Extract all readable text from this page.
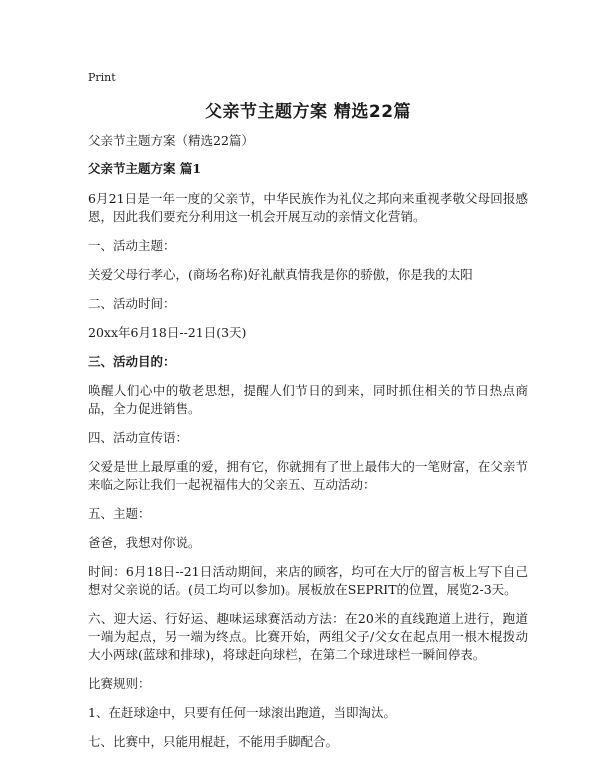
Print
父亲节主题方案 精选22篇
父亲节主题方案（精选22篇）
父亲节主题方案 篇1
6月21日是一年一度的父亲节，中华民族作为礼仪之邦向来重视孝敬父母回报感恩，因此我们要充分利用这一机会开展互动的亲情文化营销。
一、活动主题：
关爱父母行孝心，(商场名称)好礼献真情我是你的骄傲，你是我的太阳
二、活动时间：
20xx年6月18日--21日(3天)
三、活动目的：
唤醒人们心中的敬老思想，提醒人们节日的到来，同时抓住相关的节日热点商品，全力促进销售。
四、活动宣传语：
父爱是世上最厚重的爱，拥有它，你就拥有了世上最伟大的一笔财富，在父亲节来临之际让我们一起祝福伟大的父亲五、互动活动：
五、主题：
爸爸，我想对你说。
时间：6月18日--21日活动期间，来店的顾客，均可在大厅的留言板上写下自己想对父亲说的话。(员工均可以参加)。展板放在SEPRIT的位置，展览2-3天。
六、迎大运、行好运、趣味运球赛活动方法：在20米的直线跑道上进行，跑道一端为起点，另一端为终点。比赛开始，两组父子/父女在起点用一根木棍拨动大小两球(蓝球和排球)，将球赶向球栏，在第二个球进球栏一瞬间停表。
比赛规则：
1、在赶球途中，只要有任何一球滚出跑道，当即淘汰。
七、比赛中，只能用棍赶，不能用手脚配合。
